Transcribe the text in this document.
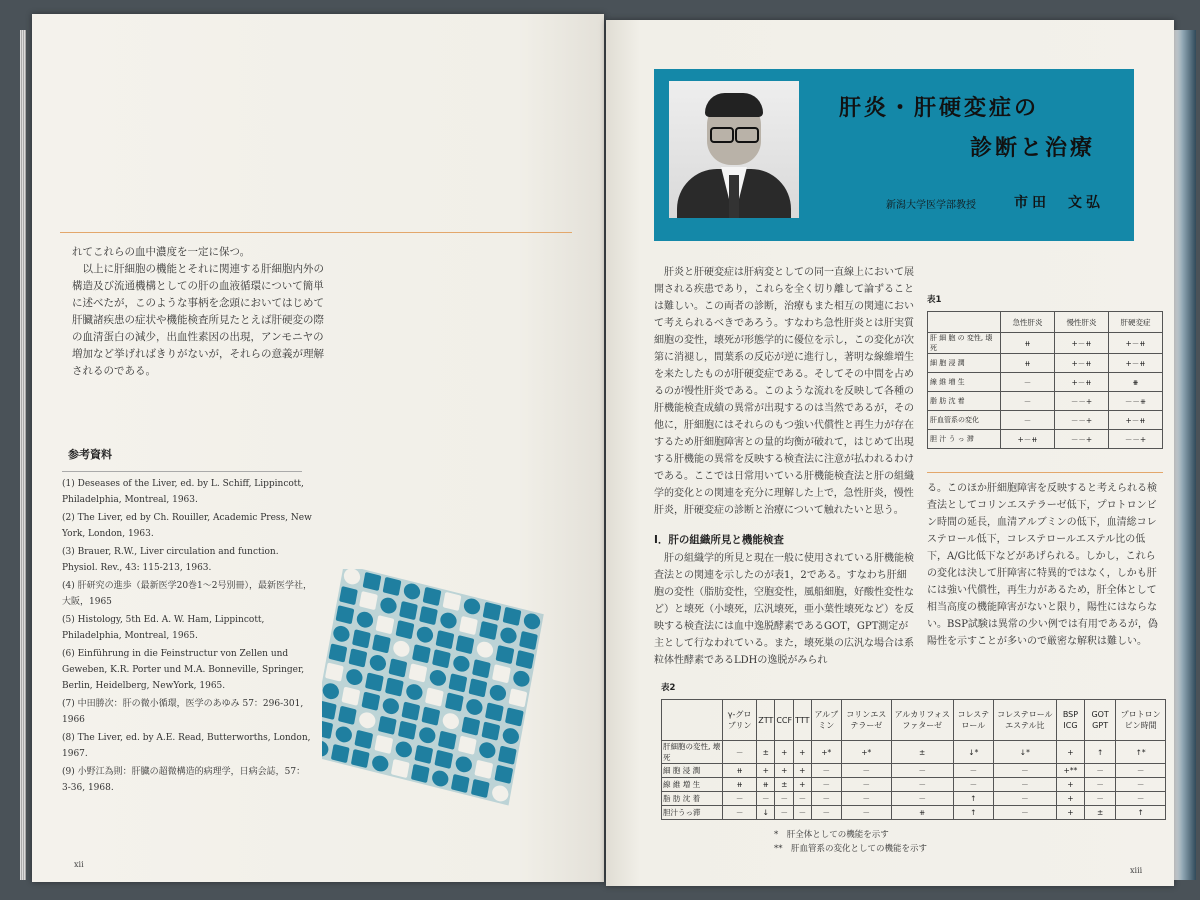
れてこれらの血中濃度を一定に保つ。
　以上に肝細胞の機能とそれに関連する肝細胞内外の構造及び流通機構としての肝の血液循環について簡単に述べたが，このような事柄を念頭においてはじめて肝臓諸疾患の症状や機能検査所見たとえば肝硬変の際の血清蛋白の減少，出血性素因の出現，アンモニヤの増加など挙げればきりがないが，それらの意義が理解されるのである。
参考資料
(1) Deseases of the Liver, ed. by L. Schiff, Lippincott, Philadelphia, Montreal, 1963.
(2) The Liver, ed by Ch. Rouiller, Academic Press, New York, London, 1963.
(3) Brauer, R.W., Liver circulation and function. Physiol. Rev., 43: 115-213, 1963.
(4) 肝研究の進歩（最新医学20巻1〜2号別冊），最新医学社，大阪，1965
(5) Histology, 5th Ed. A. W. Ham, Lippincott, Philadelphia, Montreal, 1965.
(6) Einführung in die Feinstructur von Zellen und Geweben, K.R. Porter und M.A. Bonneville, Springer, Berlin, Heidelberg, NewYork, 1965.
(7) 中田勝次：肝の微小循環，医学のあゆみ 57：296-301, 1966
(8) The Liver, ed. by A.E. Read, Butterworths, London, 1967.
(9) 小野江為則：肝臓の超微構造的病理学，日病会誌，57：3-36, 1968.
xii
肝炎・肝硬変症の
診断と治療
新潟大学医学部教授	市田　文弘
　肝炎と肝硬変症は肝病変としての同一直線上において展開される疾患であり，これらを全く切り離して論ずることは難しい。この両者の診断，治療もまた相互の関連において考えられるべきであろう。すなわち急性肝炎とは肝実質細胞の変性，壊死が形態学的に優位を示し，この変化が次第に消褪し，間葉系の反応が逆に進行し，著明な線維増生を来たしたものが肝硬変症である。そしてその中間を占めるのが慢性肝炎である。このような流れを反映して各種の肝機能検査成績の異常が出現するのは当然であるが，その他に，肝細胞にはそれらのもつ強い代償性と再生力が存在するため肝細胞障害との量的均衡が破れて，はじめて出現する肝機能の異常を反映する検査法に注意が払われるわけである。ここでは日常用いている肝機能検査法と肝の組織学的変化との関連を充分に理解した上で，急性肝炎，慢性肝炎，肝硬変症の診断と治療について触れたいと思う。
Ⅰ．肝の組織所見と機能検査
　肝の組織学的所見と現在一般に使用されている肝機能検査法との関連を示したのが表1，2である。すなわち肝細胞の変性（脂肪変性，空胞変性，風船細胞，好酸性変性など）と壊死（小壊死，広汎壊死，亜小葉性壊死など）を反映する検査法には血中逸脱酵素であるGOT，GPT測定が主として行なわれている。また，壊死巣の広汎な場合は系粒体性酵素であるLDHの逸脱がみられ
表1
	急性肝炎	慢性肝炎	肝硬変症
肝 細 胞 の 変性, 壊死	⧺	+－⧺	+－⧺
細 胞 浸 潤	⧺	+－⧺	+－⧺
線 維 増 生	－	+－⧺	⧻
脂 肪 沈 着	－	－－+	－－⧺
肝血管系の変化	－	－－+	+－⧺
胆 汁 う っ 滞	+－⧺	－－+	－－+
る。このほか肝細胞障害を反映すると考えられる検査法としてコリンエステラーゼ低下，プロトロンビン時間の延長，血清アルブミンの低下，血清総コレステロール低下，コレステロールエステル比の低下，A/G比低下などがあげられる。しかし，これらの変化は決して肝障害に特異的ではなく，しかも肝には強い代償性，再生力があるため，肝全体として相当高度の機能障害がないと限り，陽性にはならない。BSP試験は異常の少い例では有用であるが，偽陽性を示すことが多いので厳密な解釈は難しい。
表2
	γ-グロブリン	ZTT	CCF	TTT	アルブミン	コリンエステラーゼ	アルカリフォスファターゼ	コレステロール	コレステロールエステル比	BSP ICG	GOT GPT	プロトロンビン時間
肝細胞の変性, 壊死	－	±	+	+	+*	+*	±	↓*	↓*	+	↑	↑*
細 胞 浸 潤	⧺	+	+	+	－	－	－	－	－	+**	－	－
線 維 増 生	⧺	⧺	±	+	－	－	－	－	－	+	－	－
脂 肪 沈 着	－	－	－	－	－	－	－	↑	－	+	－	－
胆汁うっ滞	－	↓	－	－	－	－	⧺	↑	－	+	±	↑
*　肝全体としての機能を示す
**　肝血管系の変化としての機能を示す
xiii
